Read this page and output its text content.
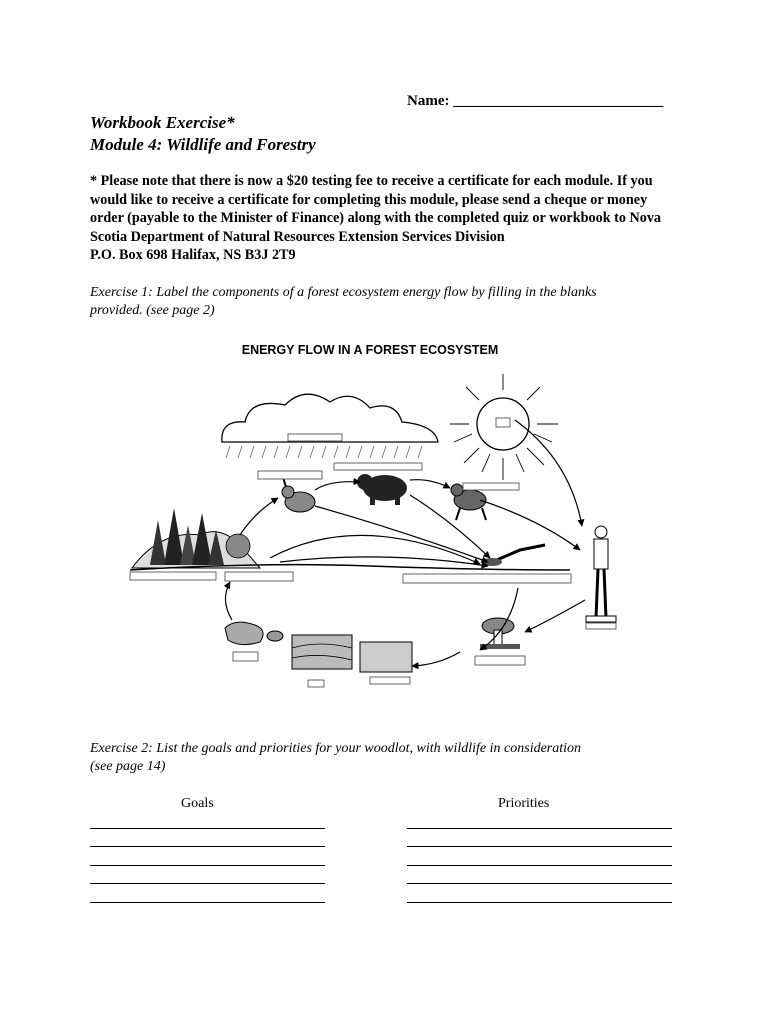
Name: ____________________________
Workbook Exercise*
Module 4: Wildlife and Forestry
* Please note that there is now a $20 testing fee to receive a certificate for each module. If you would like to receive a certificate for completing this module, please send a cheque or money order (payable to the Minister of Finance) along with the completed quiz or workbook to Nova Scotia Department of Natural Resources Extension Services Division
P.O. Box 698 Halifax, NS B3J 2T9
Exercise 1: Label the components of a forest ecosystem energy flow by filling in the blanks
provided. (see page 2)
ENERGY FLOW IN A FOREST ECOSYSTEM
Exercise 2: List the goals and priorities for your woodlot, with wildlife in consideration
(see page 14)
Goals	Priorities
